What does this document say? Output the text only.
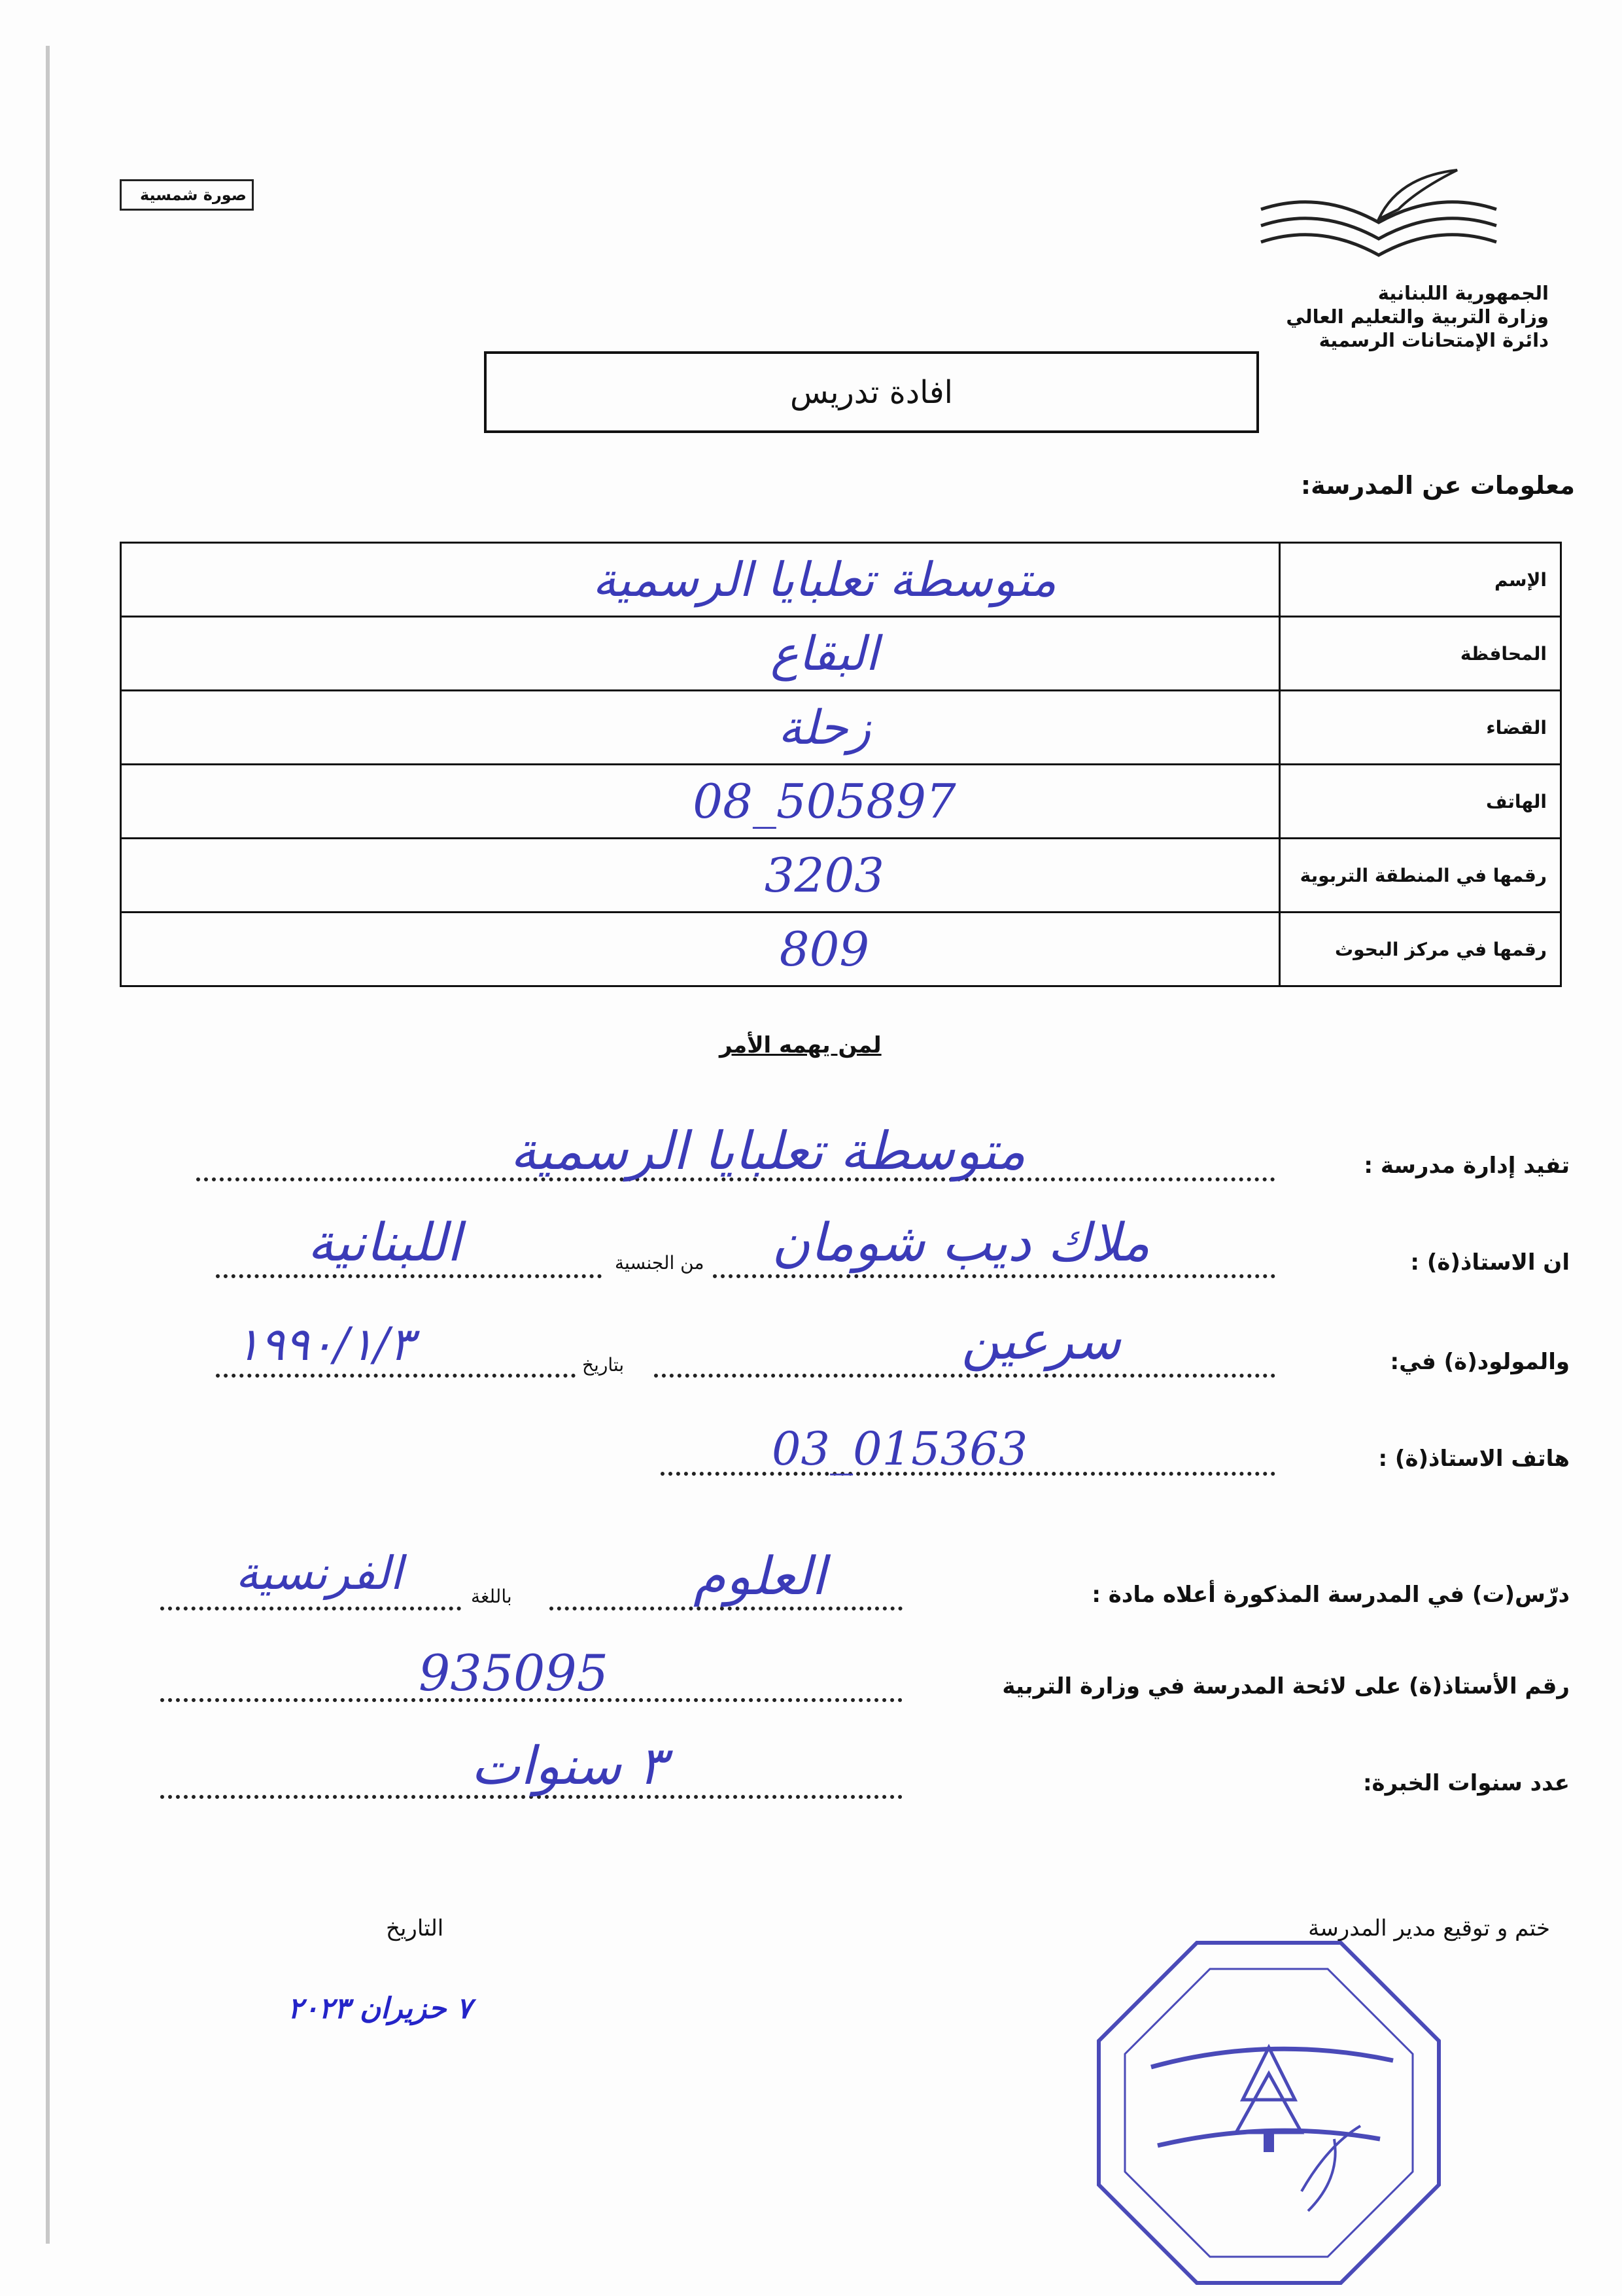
صورة شمسية
الجمهورية اللبنانية
وزارة التربية والتعليم العالي
دائرة الإمتحانات الرسمية
افادة تدريس
معلومات عن المدرسة:
الإسم	متوسطة تعلبايا الرسمية
المحافظة	البقاع
القضاء	زحلة
الهاتف	08_505897
رقمها في المنطقة التربوية	3203
رقمها في مركز البحوث	809
لمن يهمه الأمر
تفيد إدارة مدرسة :
متوسطة تعلبايا الرسمية
ان الاستاذ(ة) :
ملاك ديب شومان
من الجنسية
اللبنانية
والمولود(ة) في:
سرعين
بتاريخ
١٩٩٠/١/٣
هاتف الاستاذ(ة) :
03_015363
درّس(ت) في المدرسة المذكورة أعلاه مادة :
العلوم
باللغة
الفرنسية
رقم الأستاذ(ة) على لائحة المدرسة في وزارة التربية
935095
عدد سنوات الخبرة:
٣ سنوات
ختم و توقيع مدير المدرسة
التاريخ
٧ حزيران ٢٠٢٣
